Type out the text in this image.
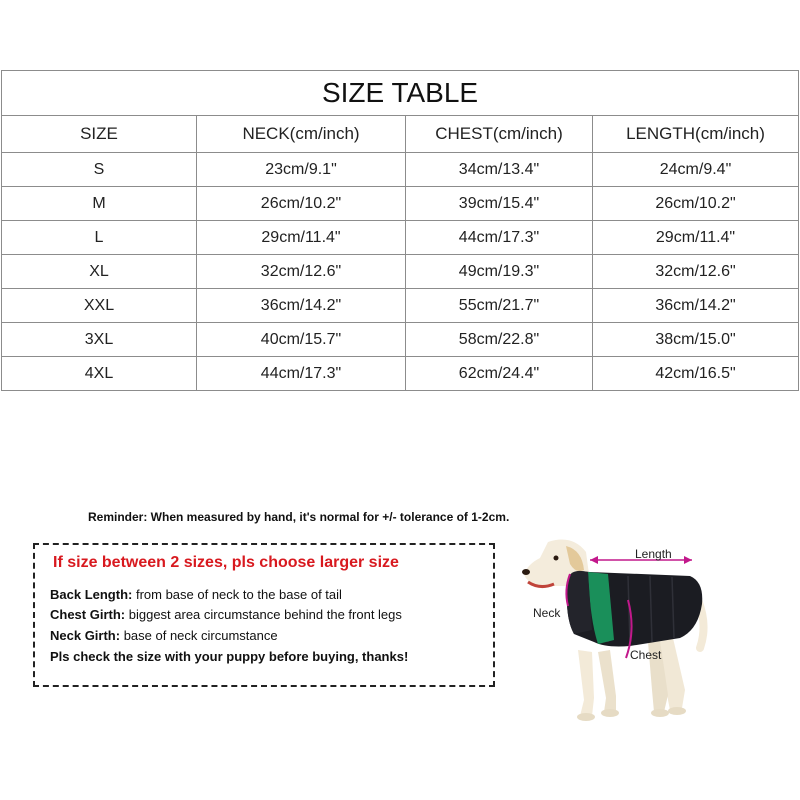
SIZE TABLE			
SIZE	NECK(cm/inch)	CHEST(cm/inch)	LENGTH(cm/inch)
S	23cm/9.1"	34cm/13.4"	24cm/9.4"
M	26cm/10.2"	39cm/15.4"	26cm/10.2"
L	29cm/11.4"	44cm/17.3"	29cm/11.4"
XL	32cm/12.6"	49cm/19.3"	32cm/12.6"
XXL	36cm/14.2"	55cm/21.7"	36cm/14.2"
3XL	40cm/15.7"	58cm/22.8"	38cm/15.0"
4XL	44cm/17.3"	62cm/24.4"	42cm/16.5"
Reminder: When measured by hand, it's normal for +/- tolerance of 1-2cm.
If size between 2 sizes, pls choose larger size
Back Length: from base of neck to the base of tail
Chest Girth: biggest area circumstance behind the front legs
Neck Girth: base of neck circumstance
Pls check the size with your puppy before buying, thanks!
Length
Neck
Chest
